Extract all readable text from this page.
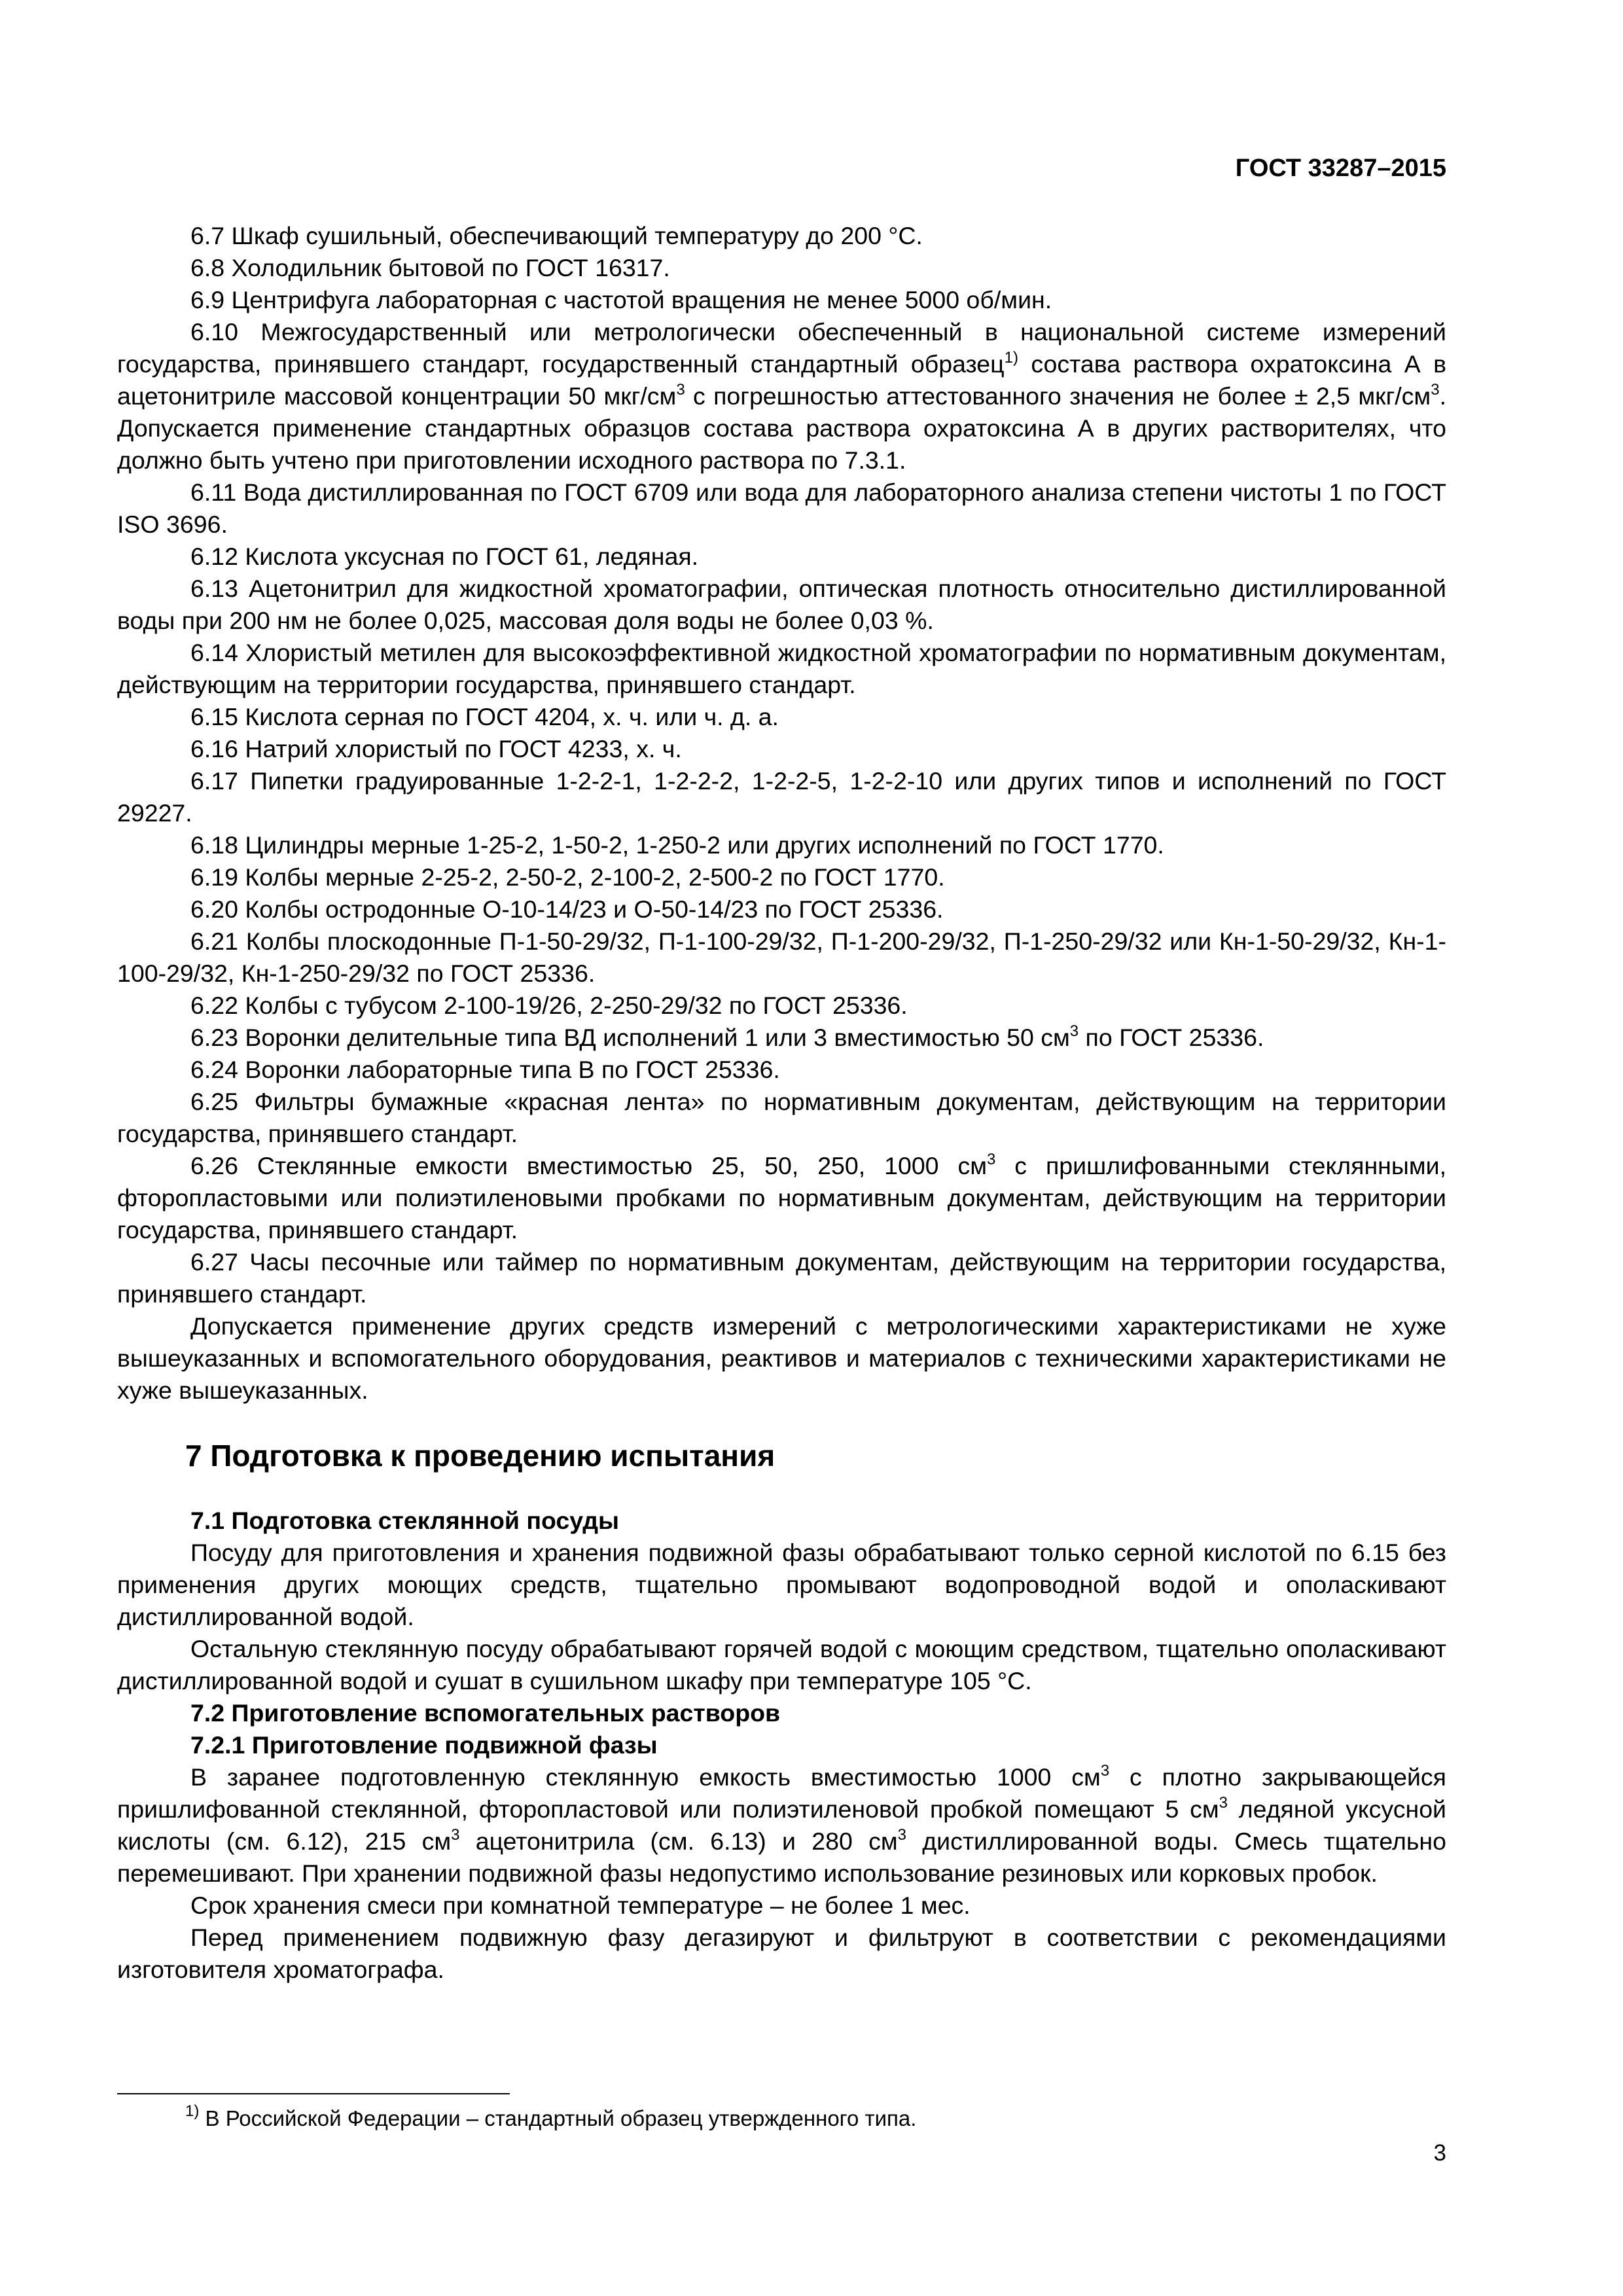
ГОСТ 33287–2015

6.7 Шкаф сушильный, обеспечивающий температуру до 200 °С.

6.8 Холодильник бытовой по ГОСТ 16317.

6.9 Центрифуга лабораторная с частотой вращения не менее 5000 об/мин.

6.10 Межгосударственный или метрологически обеспеченный в национальной системе измерений государства, принявшего стандарт, государственный стандартный образец$^{1)}$ состава раствора охратоксина А в ацетонитриле массовой концентрации 50 мкг/$см^3$ с погрешностью аттестованного значения не более ± 2,5 мкг/$см^3$. Допускается применение стандартных образцов состава раствора охратоксина А в других растворителях, что должно быть учтено при приготовлении исходного раствора по 7.3.1.

6.11 Вода дистиллированная по ГОСТ 6709 или вода для лабораторного анализа степени чистоты 1 по ГОСТ ISO 3696.

6.12 Кислота уксусная по ГОСТ 61, ледяная.

6.13 Ацетонитрил для жидкостной хроматографии, оптическая плотность относительно дистиллированной воды при 200 нм не более 0,025, массовая доля воды не более 0,03 %.

6.14 Хлористый метилен для высокоэффективной жидкостной хроматографии по нормативным документам, действующим на территории государства, принявшего стандарт.

6.15 Кислота серная по ГОСТ 4204, х. ч. или ч. д. а.

6.16 Натрий хлористый по ГОСТ 4233, х. ч.

6.17 Пипетки градуированные 1-2-2-1, 1-2-2-2, 1-2-2-5, 1-2-2-10 или других типов и исполнений по ГОСТ 29227.

6.18 Цилиндры мерные 1-25-2, 1-50-2, 1-250-2 или других исполнений по ГОСТ 1770.

6.19 Колбы мерные 2-25-2, 2-50-2, 2-100-2, 2-500-2 по ГОСТ 1770.

6.20 Колбы остродонные О-10-14/23 и О-50-14/23 по ГОСТ 25336.

6.21 Колбы плоскодонные П-1-50-29/32, П-1-100-29/32, П-1-200-29/32, П-1-250-29/32 или Кн-1-50-29/32, Кн-1-100-29/32, Кн-1-250-29/32 по ГОСТ 25336.

6.22 Колбы с тубусом 2-100-19/26, 2-250-29/32 по ГОСТ 25336.

6.23 Воронки делительные типа ВД исполнений 1 или 3 вместимостью 50 $см^3$ по ГОСТ 25336.

6.24 Воронки лабораторные типа В по ГОСТ 25336.

6.25 Фильтры бумажные «красная лента» по нормативным документам, действующим на территории государства, принявшего стандарт.

6.26 Стеклянные емкости вместимостью 25, 50, 250, 1000 $см^3$ с пришлифованными стеклянными, фторопластовыми или полиэтиленовыми пробками по нормативным документам, действующим на территории государства, принявшего стандарт.

6.27 Часы песочные или таймер по нормативным документам, действующим на территории государства, принявшего стандарт.

Допускается применение других средств измерений с метрологическими характеристиками не хуже вышеуказанных и вспомогательного оборудования, реактивов и материалов с техническими характеристиками не хуже вышеуказанных.

7 Подготовка к проведению испытания
7.1 Подготовка стеклянной посуды

Посуду для приготовления и хранения подвижной фазы обрабатывают только серной кислотой по 6.15 без применения других моющих средств, тщательно промывают водопроводной водой и ополаскивают дистиллированной водой.

Остальную стеклянную посуду обрабатывают горячей водой с моющим средством, тщательно ополаскивают дистиллированной водой и сушат в сушильном шкафу при температуре 105 °С.

7.2 Приготовление вспомогательных растворов
7.2.1 Приготовление подвижной фазы

В заранее подготовленную стеклянную емкость вместимостью 1000 $см^3$ с плотно закрывающейся пришлифованной стеклянной, фторопластовой или полиэтиленовой пробкой помещают 5 $см^3$ ледяной уксусной кислоты (см. 6.12), 215 $см^3$ ацетонитрила (см. 6.13) и 280 $см^3$ дистиллированной воды. Смесь тщательно перемешивают. При хранении подвижной фазы недопустимо использование резиновых или корковых пробок.

Срок хранения смеси при комнатной температуре – не более 1 мес.

Перед применением подвижную фазу дегазируют и фильтруют в соответствии с рекомендациями изготовителя хроматографа.

$^{1)}$ В Российской Федерации – стандартный образец утвержденного типа.

3
